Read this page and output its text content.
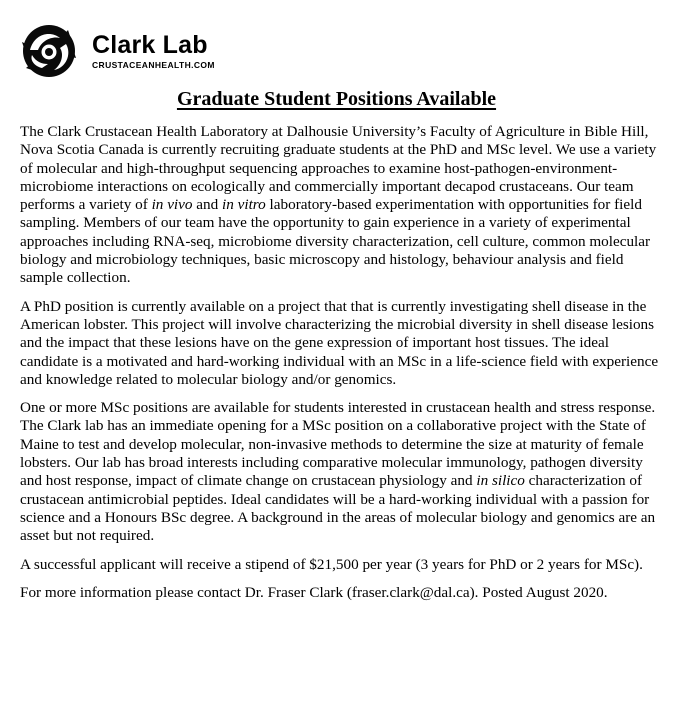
Clark Lab
CRUSTACEANHEALTH.COM
Graduate Student Positions Available

The Clark Crustacean Health Laboratory at Dalhousie University’s Faculty of Agriculture in Bible Hill, Nova Scotia Canada is currently recruiting graduate students at the PhD and MSc level. We use a variety of molecular and high-throughput sequencing approaches to examine host-pathogen-environment-microbiome interactions on ecologically and commercially important decapod crustaceans. Our team performs a variety of in vivo and in vitro laboratory-based experimentation with opportunities for field sampling. Members of our team have the opportunity to gain experience in a variety of experimental approaches including RNA-seq, microbiome diversity characterization, cell culture, common molecular biology and microbiology techniques, basic microscopy and histology, behaviour analysis and field sample collection.

A PhD position is currently available on a project that that is currently investigating shell disease in the American lobster. This project will involve characterizing the microbial diversity in shell disease lesions and the impact that these lesions have on the gene expression of important host tissues. The ideal candidate is a motivated and hard-working individual with an MSc in a life-science field with experience and knowledge related to molecular biology and/or genomics.

One or more MSc positions are available for students interested in crustacean health and stress response. The Clark lab has an immediate opening for a MSc position on a collaborative project with the State of Maine to test and develop molecular, non-invasive methods to determine the size at maturity of female lobsters. Our lab has broad interests including comparative molecular immunology, pathogen diversity and host response, impact of climate change on crustacean physiology and in silico characterization of crustacean antimicrobial peptides. Ideal candidates will be a hard-working individual with a passion for science and a Honours BSc degree. A background in the areas of molecular biology and genomics are an asset but not required.

A successful applicant will receive a stipend of $21,500 per year (3 years for PhD or 2 years for MSc).

For more information please contact Dr. Fraser Clark (fraser.clark@dal.ca). Posted August 2020.
